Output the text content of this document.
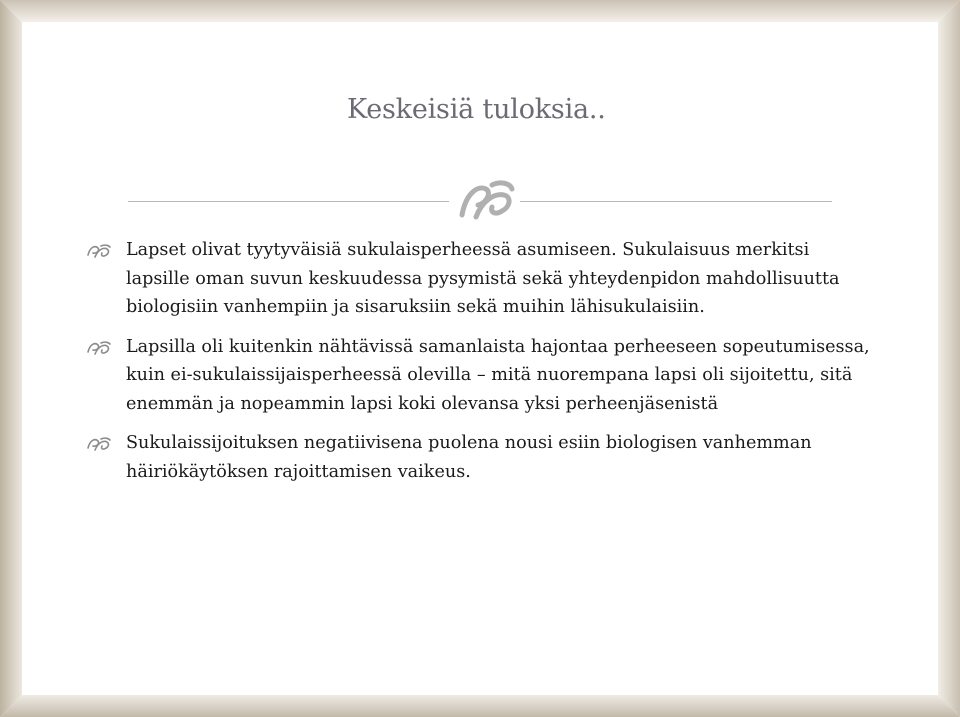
Keskeisiä tuloksia..
Lapset olivat tyytyväisiä sukulaisperheessä asumiseen. Sukulaisuus merkitsi lapsille oman suvun keskuudessa pysymistä sekä yhteydenpidon mahdollisuutta biologisiin vanhempiin ja sisaruksiin sekä muihin lähisukulaisiin.
Lapsilla oli kuitenkin nähtävissä samanlaista hajontaa perheeseen sopeutumisessa, kuin ei-sukulaissijaisperheessä olevilla – mitä nuorempana lapsi oli sijoitettu, sitä enemmän ja nopeammin lapsi koki olevansa yksi perheenjäsenistä
Sukulaissijoituksen negatiivisena puolena nousi esiin biologisen vanhemman häiriökäytöksen rajoittamisen vaikeus.
